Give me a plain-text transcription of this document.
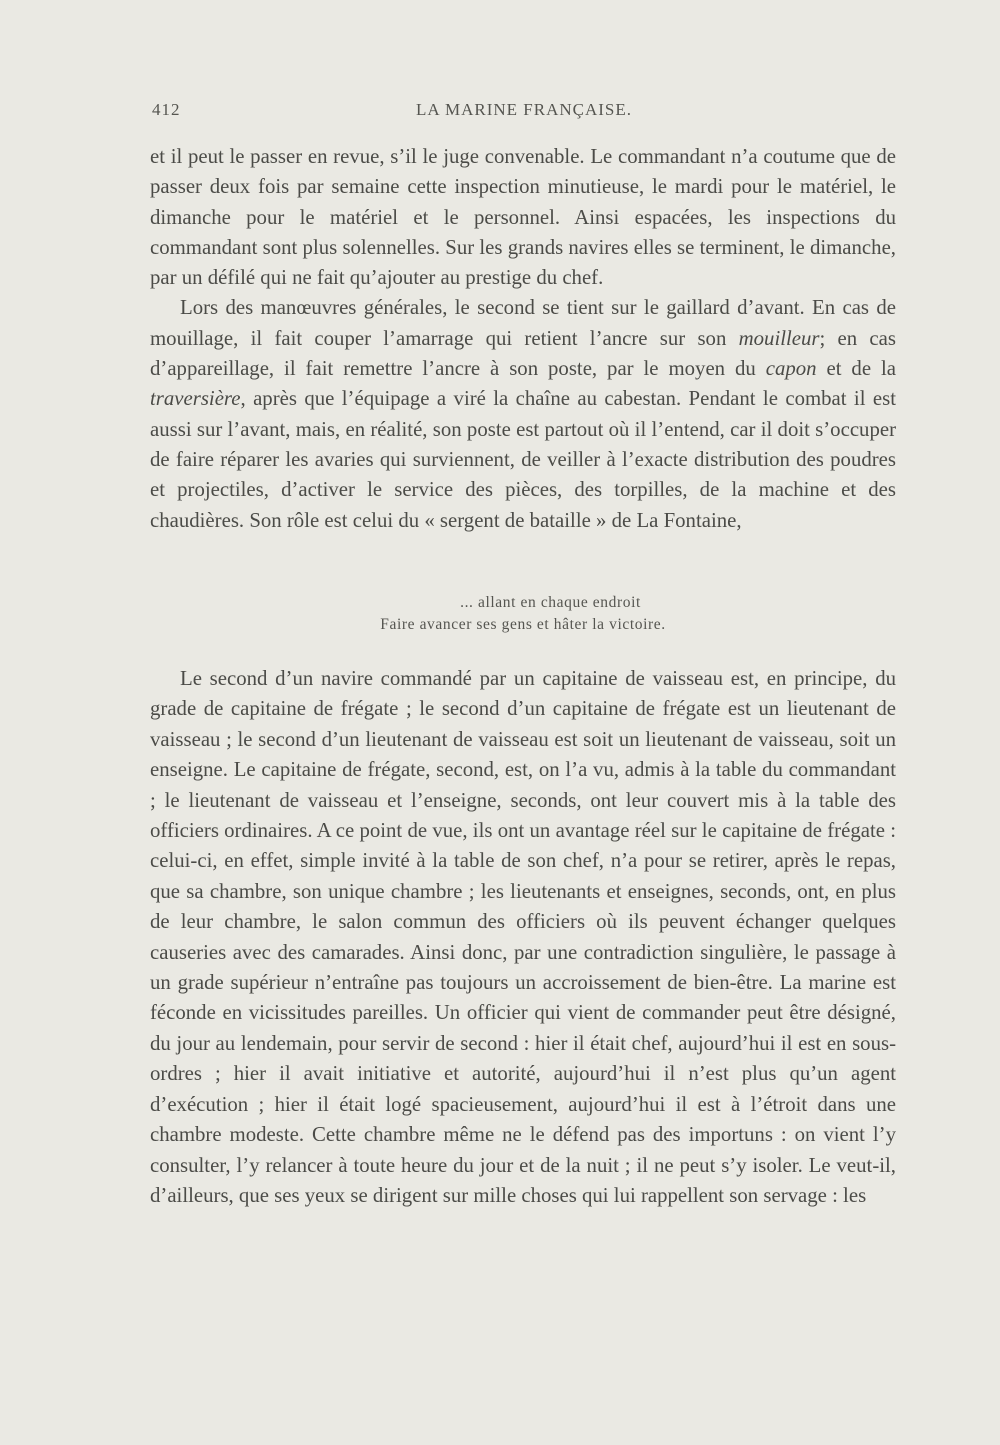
412	LA MARINE FRANÇAISE.

et il peut le passer en revue, s’il le juge convenable. Le commandant n’a coutume que de passer deux fois par semaine cette inspection minutieuse, le mardi pour le matériel, le dimanche pour le matériel et le personnel. Ainsi espacées, les inspections du commandant sont plus solennelles. Sur les grands navires elles se terminent, le dimanche, par un défilé qui ne fait qu’ajouter au prestige du chef.

Lors des manœuvres générales, le second se tient sur le gaillard d’avant. En cas de mouillage, il fait couper l’amarrage qui retient l’ancre sur son mouilleur; en cas d’appareillage, il fait remettre l’ancre à son poste, par le moyen du capon et de la traversière, après que l’équipage a viré la chaîne au cabestan. Pendant le combat il est aussi sur l’avant, mais, en réalité, son poste est partout où il l’entend, car il doit s’occuper de faire réparer les avaries qui surviennent, de veiller à l’exacte distribution des poudres et projectiles, d’activer le service des pièces, des torpilles, de la machine et des chaudières. Son rôle est celui du « sergent de bataille » de La Fontaine,

... allant en chaque endroit
Faire avancer ses gens et hâter la victoire.

Le second d’un navire commandé par un capitaine de vaisseau est, en principe, du grade de capitaine de frégate ; le second d’un capitaine de frégate est un lieutenant de vaisseau ; le second d’un lieutenant de vaisseau est soit un lieutenant de vaisseau, soit un enseigne. Le capitaine de frégate, second, est, on l’a vu, admis à la table du commandant ; le lieutenant de vaisseau et l’enseigne, seconds, ont leur couvert mis à la table des officiers ordinaires. A ce point de vue, ils ont un avantage réel sur le capitaine de frégate : celui-ci, en effet, simple invité à la table de son chef, n’a pour se retirer, après le repas, que sa chambre, son unique chambre ; les lieutenants et enseignes, seconds, ont, en plus de leur chambre, le salon commun des officiers où ils peuvent échanger quelques causeries avec des camarades. Ainsi donc, par une contradiction singulière, le passage à un grade supérieur n’entraîne pas toujours un accroissement de bien-être. La marine est féconde en vicissitudes pareilles. Un officier qui vient de commander peut être désigné, du jour au lendemain, pour servir de second : hier il était chef, aujourd’hui il est en sous-ordres ; hier il avait initiative et autorité, aujourd’hui il n’est plus qu’un agent d’exécution ; hier il était logé spacieusement, aujourd’hui il est à l’étroit dans une chambre modeste. Cette chambre même ne le défend pas des importuns : on vient l’y consulter, l’y relancer à toute heure du jour et de la nuit ; il ne peut s’y isoler. Le veut-il, d’ailleurs, que ses yeux se dirigent sur mille choses qui lui rappellent son servage : les
